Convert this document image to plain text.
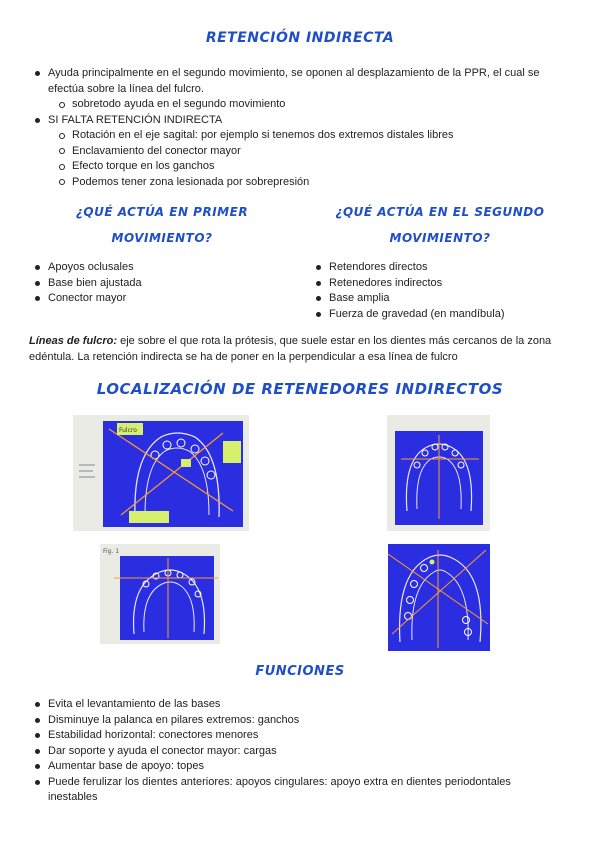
RETENCIÓN INDIRECTA
Ayuda principalmente en el segundo movimiento, se oponen al desplazamiento de la PPR, el cual se efectúa sobre la línea del fulcro.
sobretodo ayuda en el segundo movimiento
SI FALTA RETENCIÓN INDIRECTA
Rotación en el eje sagital: por ejemplo si tenemos dos extremos distales libres
Enclavamiento del conector mayor
Efecto torque en los ganchos
Podemos tener zona lesionada por sobrepresión
¿QUÉ ACTÚA EN PRIMER
MOVIMIENTO?
¿QUÉ ACTÚA EN EL SEGUNDO
MOVIMIENTO?
Apoyos oclusales
Base bien ajustada
Conector mayor
Retendores directos
Retenedores indirectos
Base amplia
Fuerza de gravedad (en mandíbula)

Líneas de fulcro: eje sobre el que rota la prótesis, que suele estar en los dientes más cercanos de la zona edéntula. La retención indirecta se ha de poner en la perpendicular a esa línea de fulcro

LOCALIZACIÓN DE RETENEDORES INDIRECTOS
Fulcro
Fig. 1
FUNCIONES
Evita el levantamiento de las bases
Disminuye la palanca en pilares extremos: ganchos
Estabilidad horizontal: conectores menores
Dar soporte y ayuda el conector mayor: cargas
Aumentar base de apoyo: topes
Puede ferulizar los dientes anteriores: apoyos cingulares: apoyo extra en dientes periodontales inestables
